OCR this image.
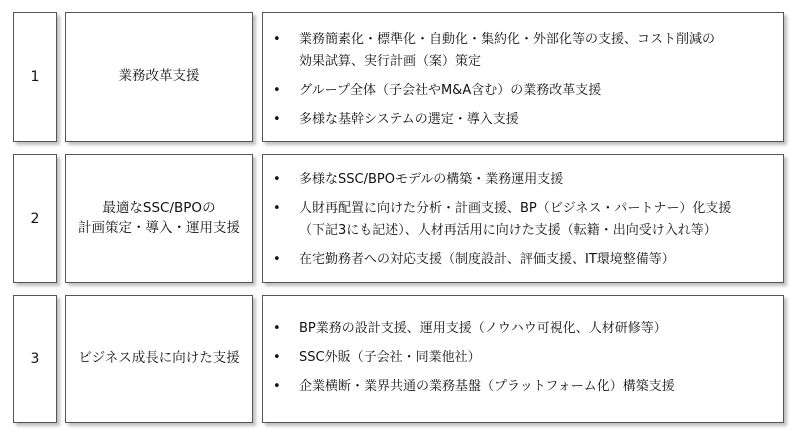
1	業務改革支援
• 業務簡素化・標準化・自動化・集約化・外部化等の支援、コスト削減の
効果試算、実行計画（案）策定
• グループ全体（子会社やM&A含む）の業務改革支援
• 多様な基幹システムの選定・導入支援
2
最適なSSC/BPOの
計画策定・導入・運用支援
• 多様なSSC/BPOモデルの構築・業務運用支援
• 人財再配置に向けた分析・計画支援、BP（ビジネス・パートナー）化支援
（下記3にも記述）、人材再活用に向けた支援（転籍・出向受け入れ等）
• 在宅勤務者への対応支援（制度設計、評価支援、IT環境整備等）
3	ビジネス成長に向けた支援
• BP業務の設計支援、運用支援（ノウハウ可視化、人材研修等）
• SSC外販（子会社・同業他社）
• 企業横断・業界共通の業務基盤（プラットフォーム化）構築支援
